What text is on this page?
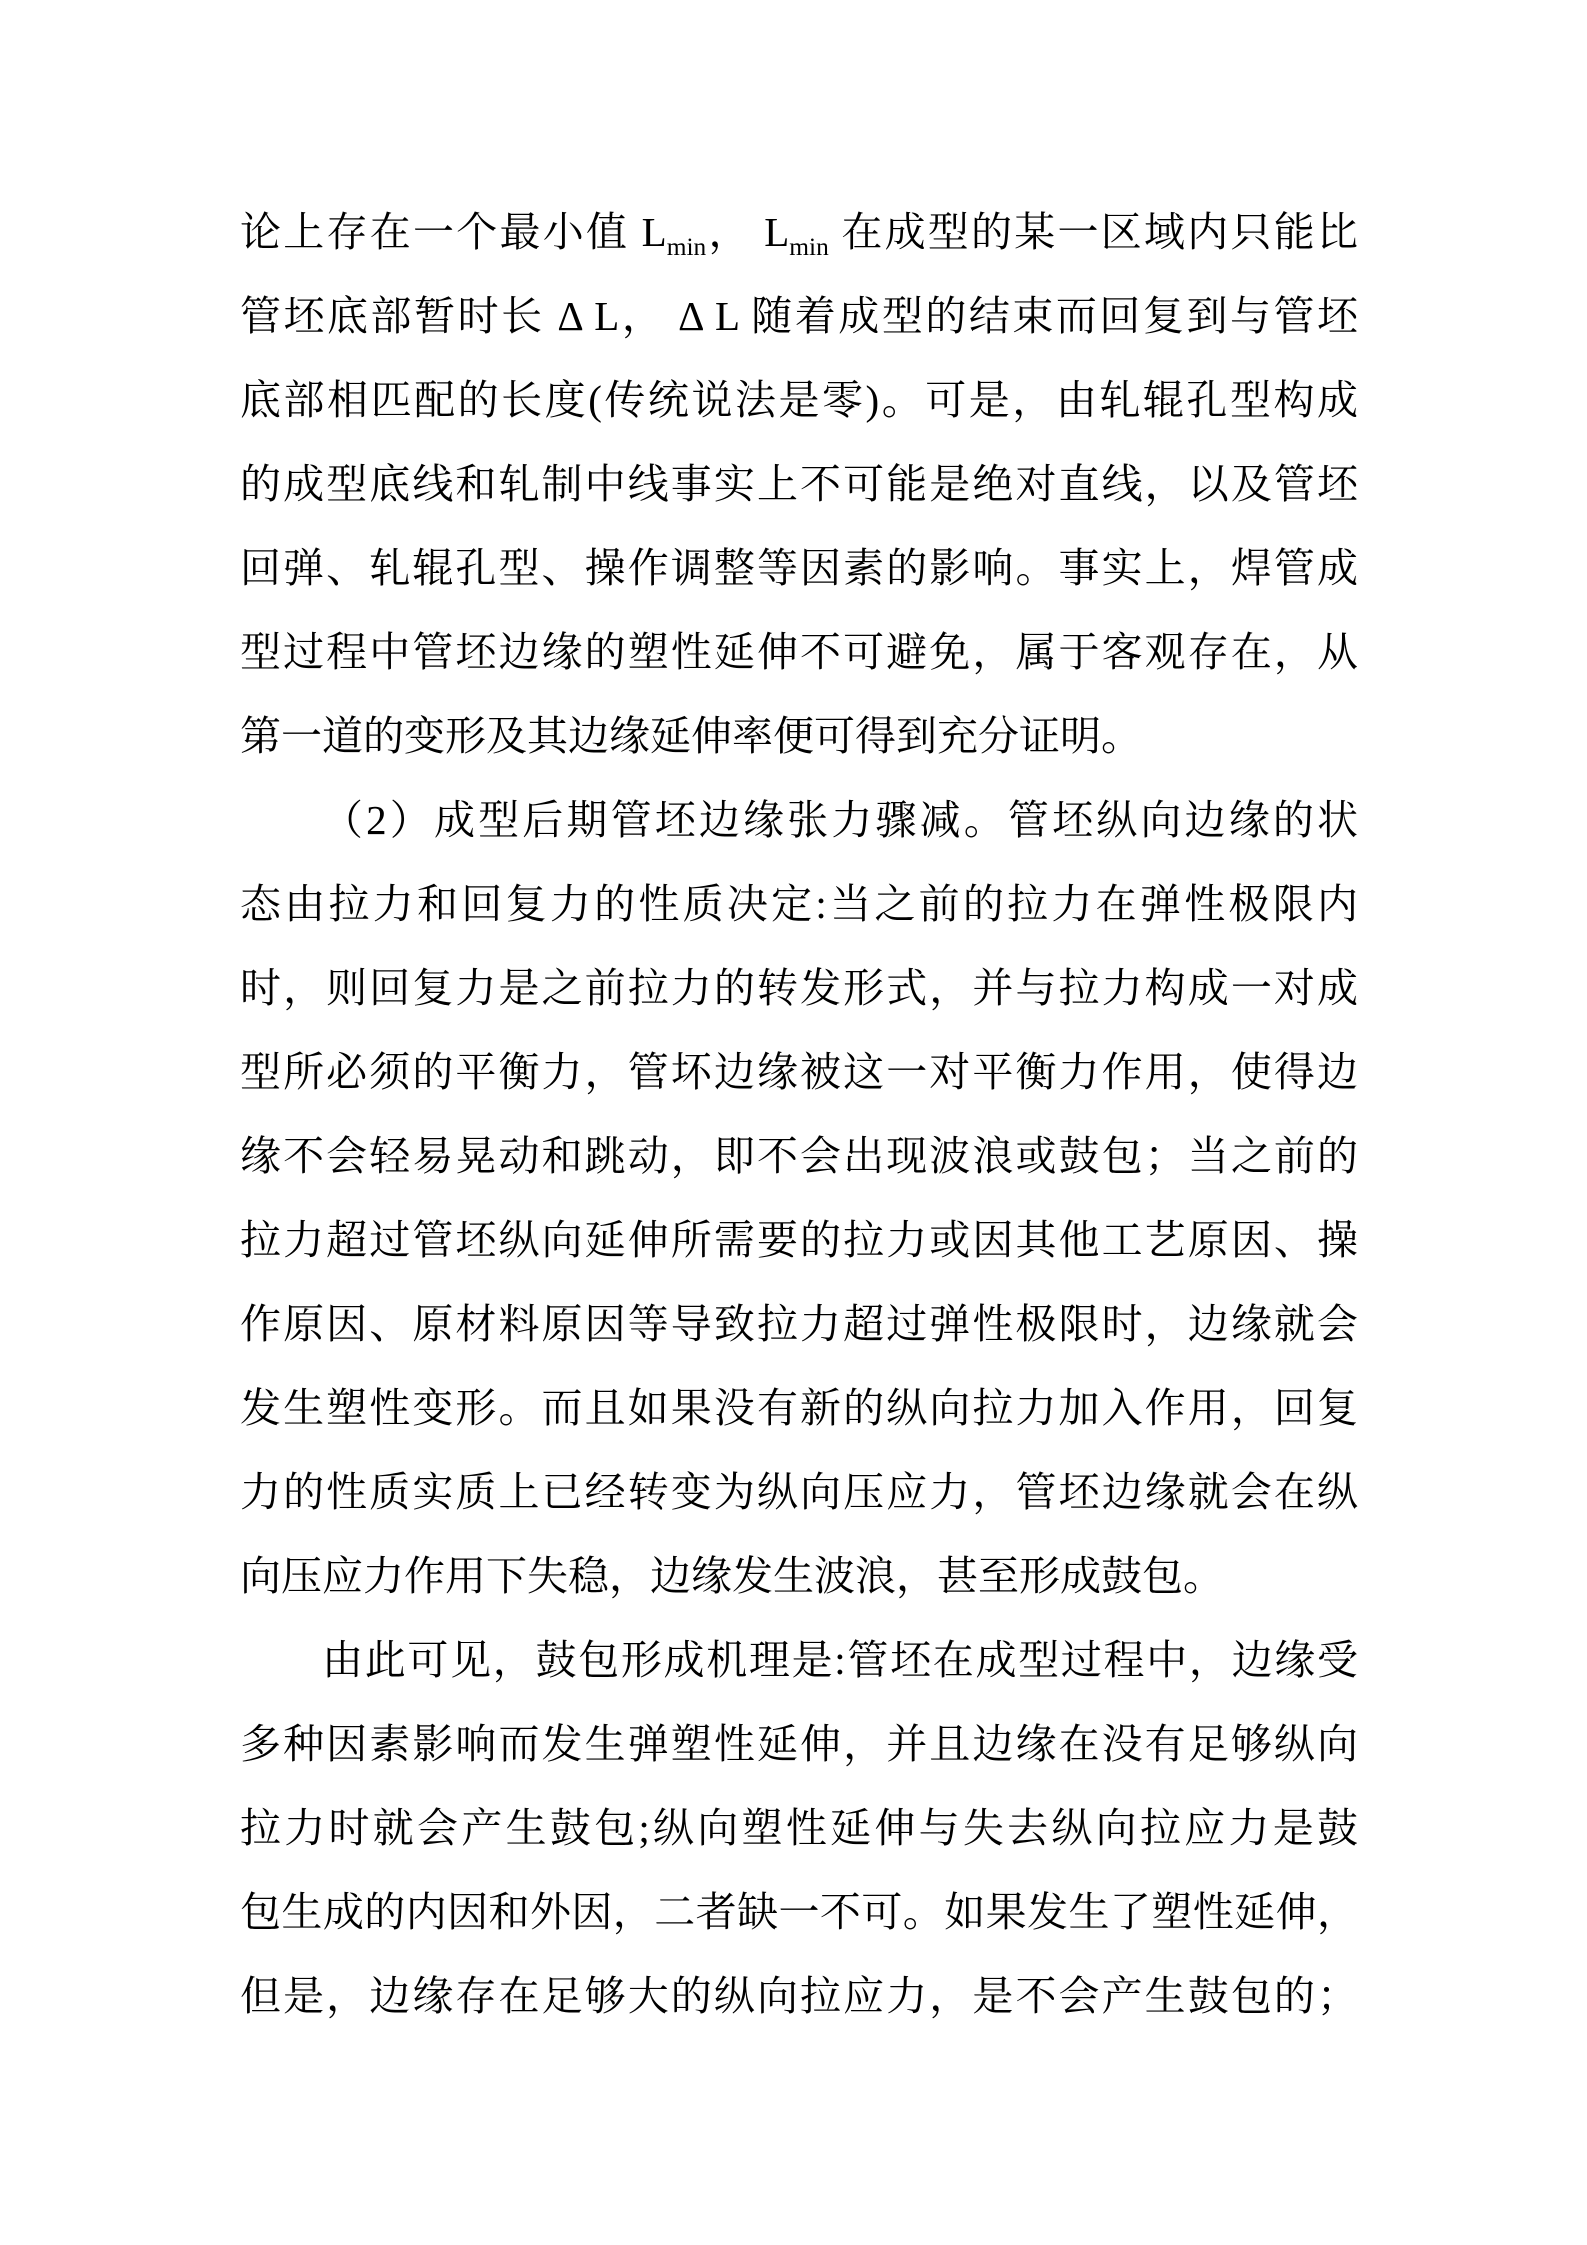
论上存在一个最小值 $L_{min}$， $L_{min}$ 在成型的某一区域内只能比
管坯底部暂时长 Δ L， Δ L 随着成型的结束而回复到与管坯
底部相匹配的长度(传统说法是零)。可是，由轧辊孔型构成
的成型底线和轧制中线事实上不可能是绝对直线，以及管坯
回弹、轧辊孔型、操作调整等因素的影响。事实上，焊管成
型过程中管坯边缘的塑性延伸不可避免，属于客观存在，从
第一道的变形及其边缘延伸率便可得到充分证明。
（2）成型后期管坯边缘张力骤减。管坯纵向边缘的状
态由拉力和回复力的性质决定:当之前的拉力在弹性极限内
时，则回复力是之前拉力的转发形式，并与拉力构成一对成
型所必须的平衡力，管坏边缘被这一对平衡力作用，使得边
缘不会轻易晃动和跳动，即不会出现波浪或鼓包；当之前的
拉力超过管坯纵向延伸所需要的拉力或因其他工艺原因、操
作原因、原材料原因等导致拉力超过弹性极限时，边缘就会
发生塑性变形。而且如果没有新的纵向拉力加入作用，回复
力的性质实质上已经转变为纵向压应力，管坯边缘就会在纵
向压应力作用下失稳，边缘发生波浪，甚至形成鼓包。
由此可见，鼓包形成机理是:管坯在成型过程中，边缘受
多种因素影响而发生弹塑性延伸，并且边缘在没有足够纵向
拉力时就会产生鼓包;纵向塑性延伸与失去纵向拉应力是鼓
包生成的内因和外因，二者缺一不可。如果发生了塑性延伸，
但是，边缘存在足够大的纵向拉应力，是不会产生鼓包的；
